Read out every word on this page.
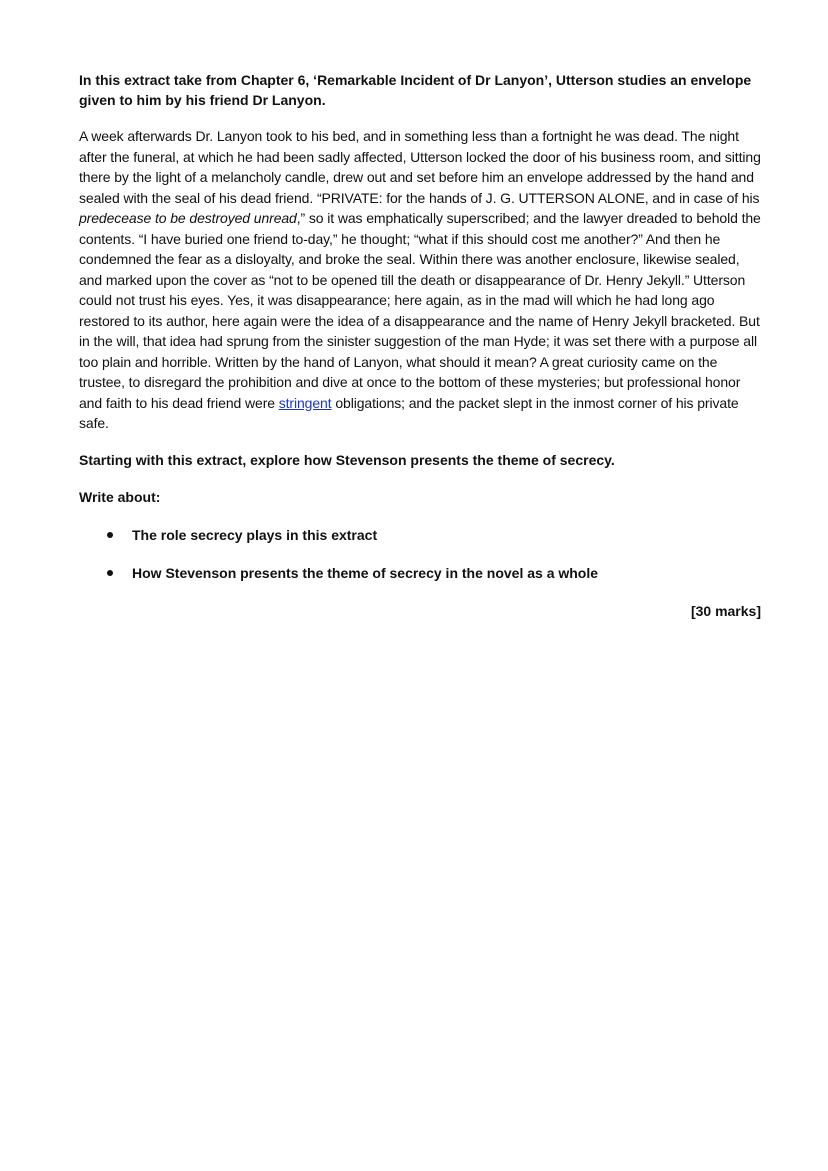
In this extract take from Chapter 6, ‘Remarkable Incident of Dr Lanyon’, Utterson studies an envelope given to him by his friend Dr Lanyon.

A week afterwards Dr. Lanyon took to his bed, and in something less than a fortnight he was dead. The night after the funeral, at which he had been sadly affected, Utterson locked the door of his business room, and sitting there by the light of a melancholy candle, drew out and set before him an envelope addressed by the hand and sealed with the seal of his dead friend. “PRIVATE: for the hands of J. G. UTTERSON ALONE, and in case of his predecease to be destroyed unread,” so it was emphatically superscribed; and the lawyer dreaded to behold the contents. “I have buried one friend to-day,” he thought; “what if this should cost me another?” And then he condemned the fear as a disloyalty, and broke the seal. Within there was another enclosure, likewise sealed, and marked upon the cover as “not to be opened till the death or disappearance of Dr. Henry Jekyll.” Utterson could not trust his eyes. Yes, it was disappearance; here again, as in the mad will which he had long ago restored to its author, here again were the idea of a disappearance and the name of Henry Jekyll bracketed. But in the will, that idea had sprung from the sinister suggestion of the man Hyde; it was set there with a purpose all too plain and horrible. Written by the hand of Lanyon, what should it mean? A great curiosity came on the trustee, to disregard the prohibition and dive at once to the bottom of these mysteries; but professional honor and faith to his dead friend were stringent obligations; and the packet slept in the inmost corner of his private safe.

Starting with this extract, explore how Stevenson presents the theme of secrecy.

Write about:

The role secrecy plays in this extract
How Stevenson presents the theme of secrecy in the novel as a whole
[30 marks]
